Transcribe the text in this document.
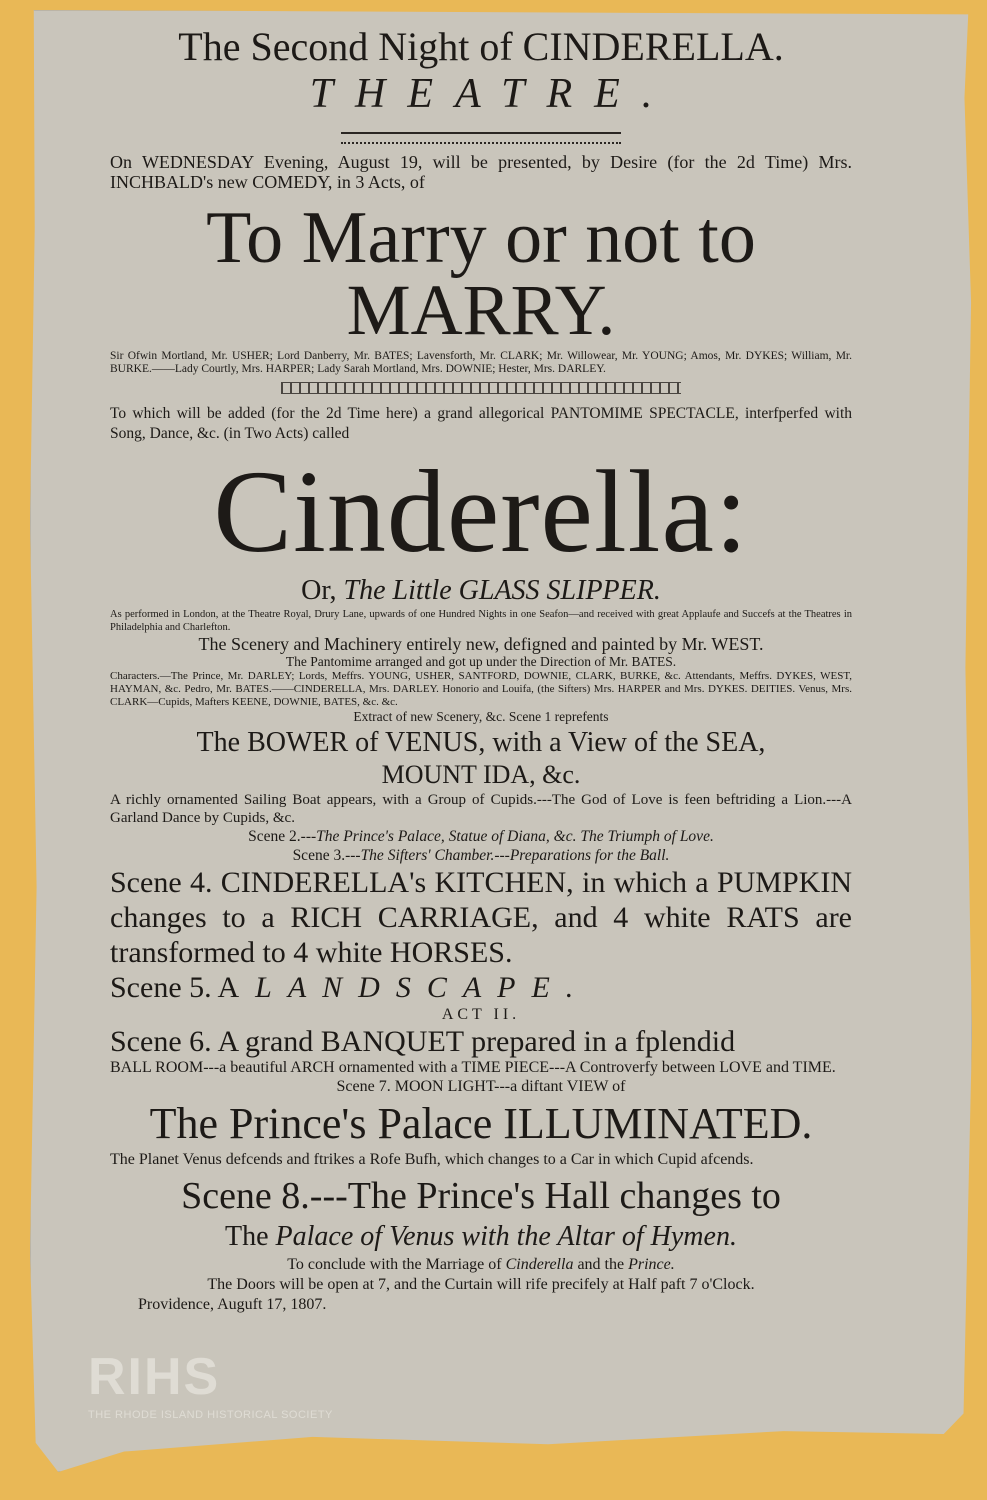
The Second Night of CINDERELLA.

THEATRE.

On WEDNESDAY Evening, August 19, will be presented, by Desire (for the 2d Time) Mrs. INCHBALD's new COMEDY, in 3 Acts, of

To Marry or not to

MARRY.

Sir Ofwin Mortland, Mr. USHER; Lord Danberry, Mr. BATES; Lavensforth, Mr. CLARK; Mr. Willowear, Mr. YOUNG; Amos, Mr. DYKES; William, Mr. BURKE.——Lady Courtly, Mrs. HARPER; Lady Sarah Mortland, Mrs. DOWNIE; Hester, Mrs. DARLEY.

To which will be added (for the 2d Time here) a grand allegorical PANTOMIME SPECTACLE, interfperfed with Song, Dance, &c. (in Two Acts) called

Cinderella:

Or, The Little GLASS SLIPPER.

As performed in London, at the Theatre Royal, Drury Lane, upwards of one Hundred Nights in one Seafon—and received with great Applaufe and Succefs at the Theatres in Philadelphia and Charlefton.

The Scenery and Machinery entirely new, defigned and painted by Mr. WEST.

The Pantomime arranged and got up under the Direction of Mr. BATES.

Characters.—The Prince, Mr. DARLEY; Lords, Meffrs. YOUNG, USHER, SANTFORD, DOWNIE, CLARK, BURKE, &c. Attendants, Meffrs. DYKES, WEST, HAYMAN, &c. Pedro, Mr. BATES.——CINDERELLA, Mrs. DARLEY. Honorio and Louifa, (the Sifters) Mrs. HARPER and Mrs. DYKES. DEITIES. Venus, Mrs. CLARK—Cupids, Mafters KEENE, DOWNIE, BATES, &c. &c.

Extract of new Scenery, &c. Scene 1 reprefents

The BOWER of VENUS, with a View of the SEA,

MOUNT IDA, &c.

A richly ornamented Sailing Boat appears, with a Group of Cupids.---The God of Love is feen beftriding a Lion.---A Garland Dance by Cupids, &c.

Scene 2.---The Prince's Palace, Statue of Diana, &c. The Triumph of Love.

Scene 3.---The Sifters' Chamber.---Preparations for the Ball.

Scene 4. CINDERELLA's KITCHEN, in which a PUMPKIN changes to a RICH CARRIAGE, and 4 white RATS are transformed to 4 white HORSES.

Scene 5. A LANDSCAPE.

ACT II.

Scene 6. A grand BANQUET prepared in a fplendid

BALL ROOM---a beautiful ARCH ornamented with a TIME PIECE---A Controverfy between LOVE and TIME.

Scene 7. MOON LIGHT---a diftant VIEW of

The Prince's Palace ILLUMINATED.

The Planet Venus defcends and ftrikes a Rofe Bufh, which changes to a Car in which Cupid afcends.

Scene 8.---The Prince's Hall changes to

The Palace of Venus with the Altar of Hymen.

To conclude with the Marriage of Cinderella and the Prince.

The Doors will be open at 7, and the Curtain will rife precifely at Half paft 7 o'Clock.

Providence, Auguft 17, 1807.

RIHS
THE RHODE ISLAND HISTORICAL SOCIETY
